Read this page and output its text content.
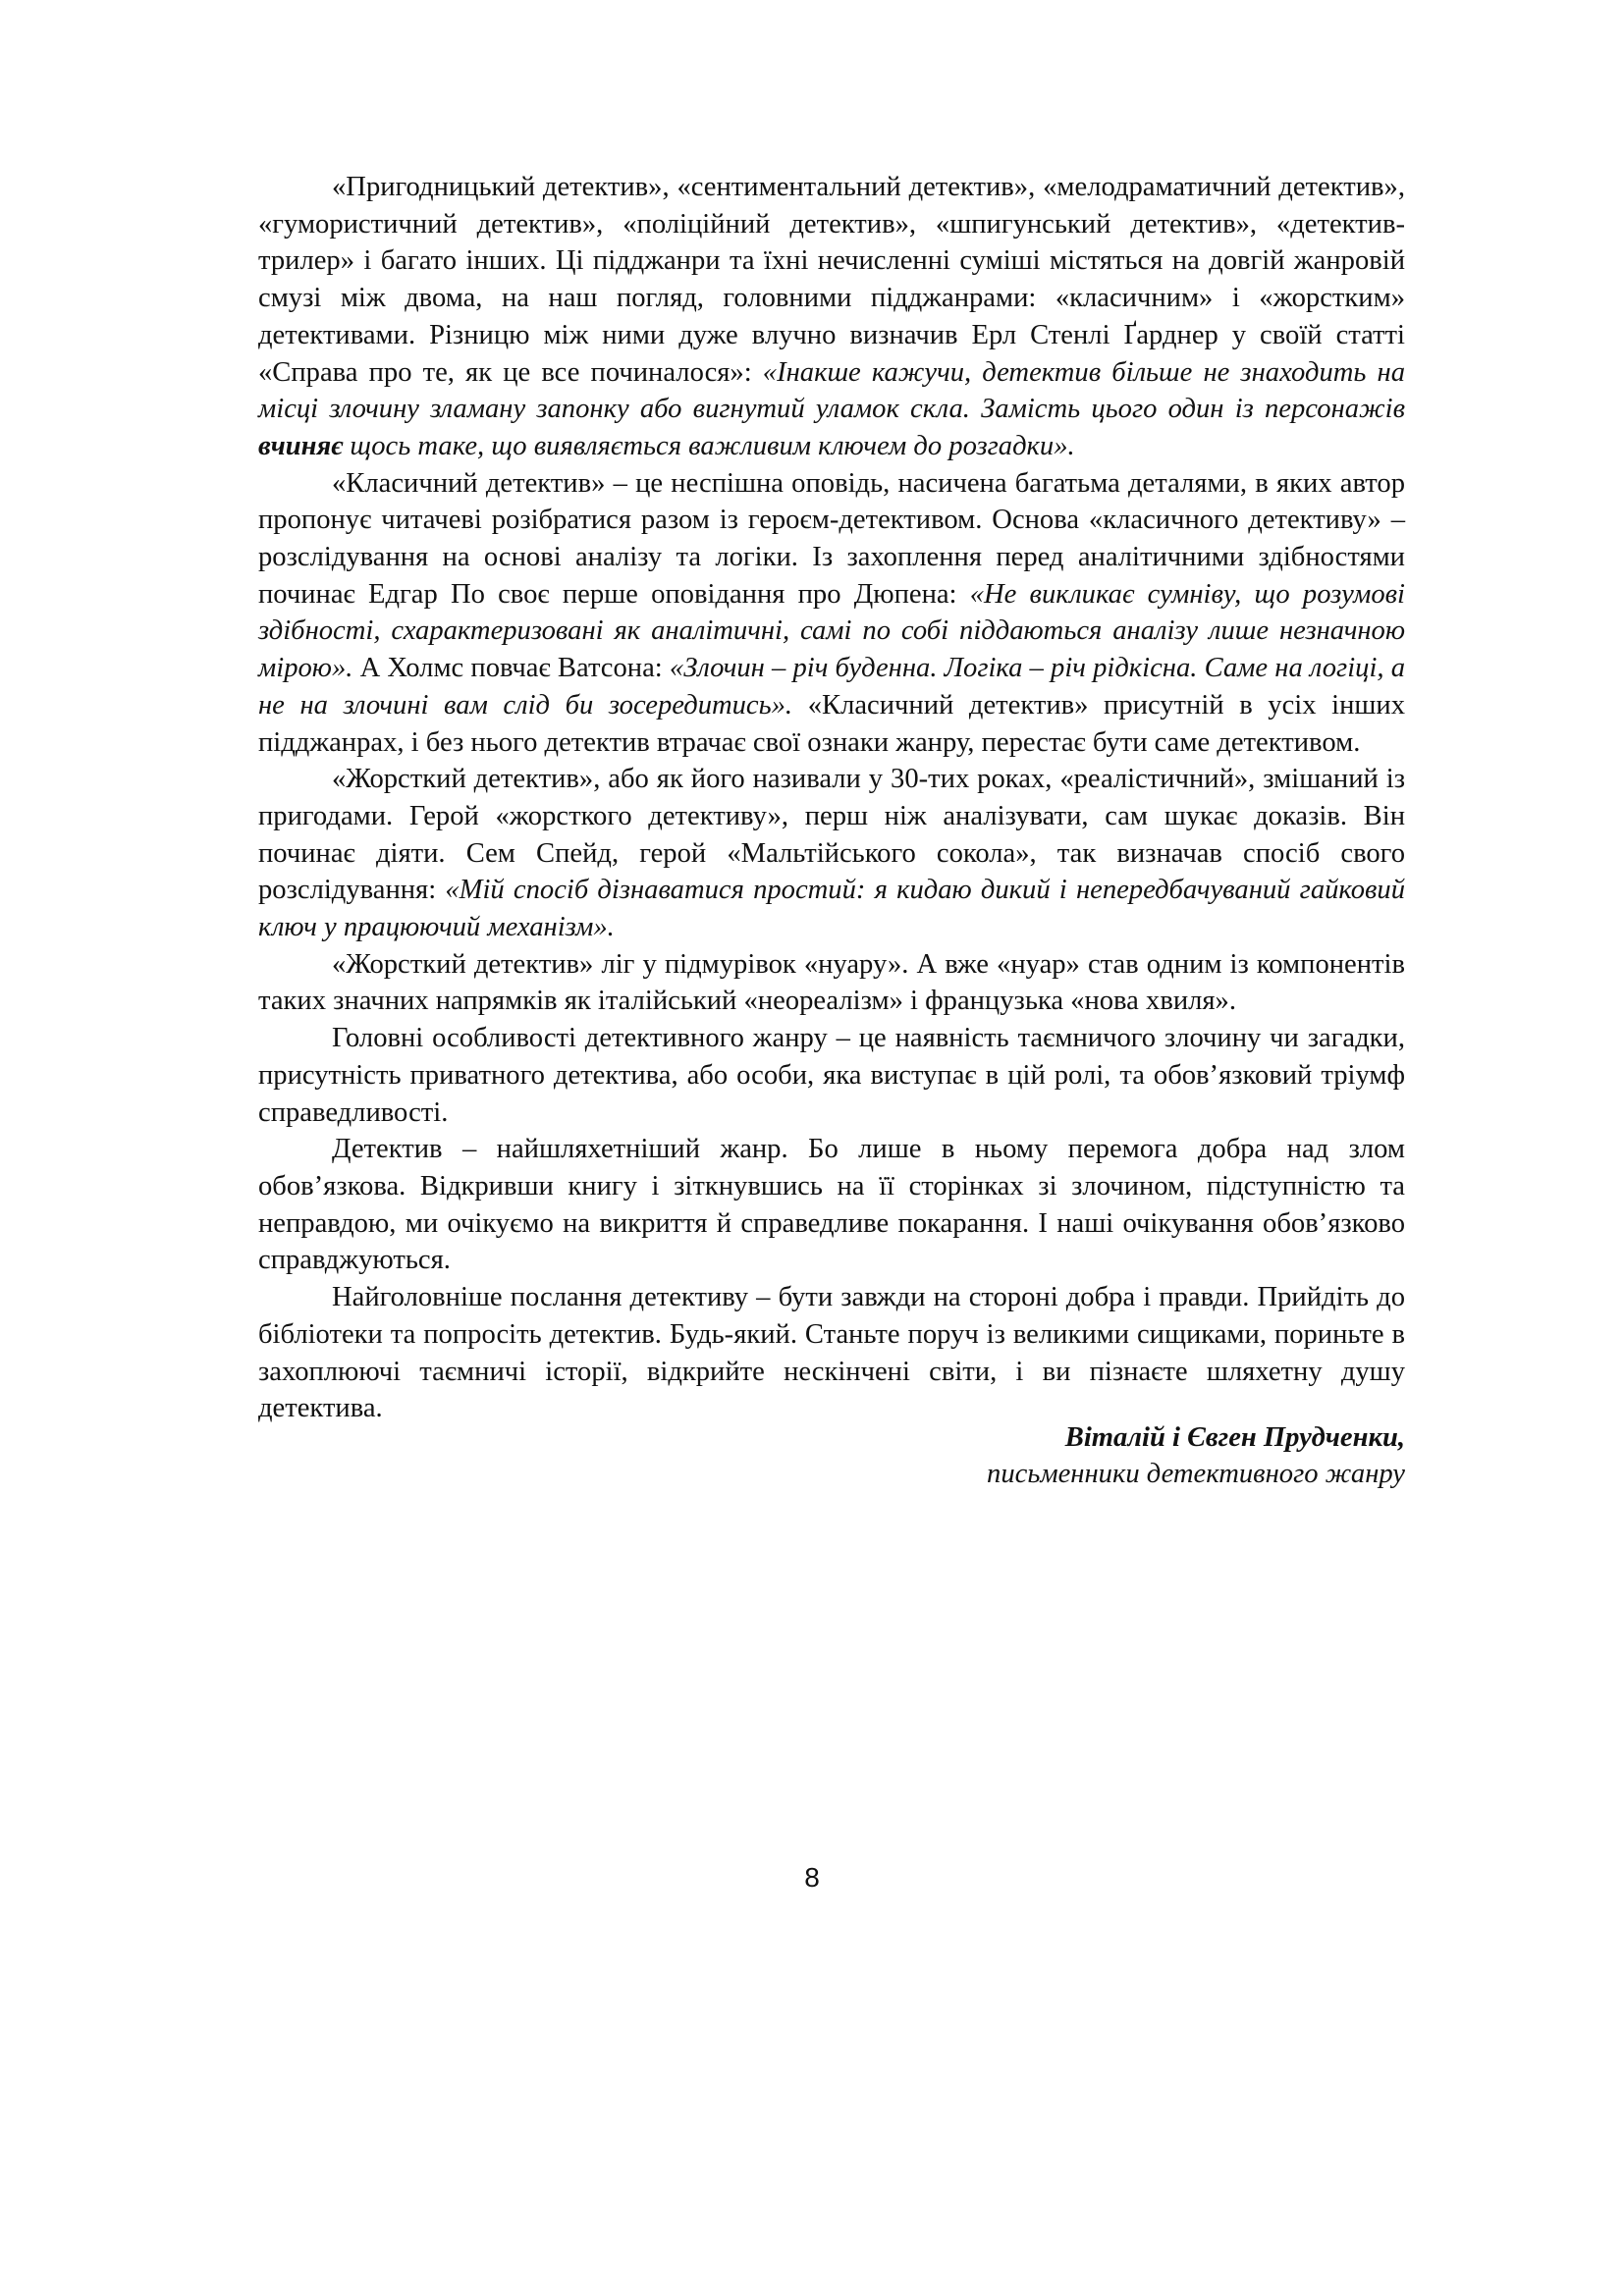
«Пригодницький детектив», «сентиментальний детектив», «мелодраматичний детектив», «гумористичний детектив», «поліційний детектив», «шпигунський детектив», «детектив-трилер» і багато інших. Ці підджанри та їхні нечисленні суміші містяться на довгій жанровій смузі між двома, на наш погляд, головними підджанрами: «класичним» і «жорстким» детективами. Різницю між ними дуже влучно визначив Ерл Стенлі Ґарднер у своїй статті «Справа про те, як це все починалося»: «Інакше кажучи, детектив більше не знаходить на місці злочину зламану запонку або вигнутий уламок скла. Замість цього один із персонажів вчиняє щось таке, що виявляється важливим ключем до розгадки».

«Класичний детектив» – це неспішна оповідь, насичена багатьма деталями, в яких автор пропонує читачеві розібратися разом із героєм-детективом. Основа «класичного детективу» – розслідування на основі аналізу та логіки. Із захоплення перед аналітичними здібностями починає Едгар По своє перше оповідання про Дюпена: «Не викликає сумніву, що розумові здібності, схарактеризовані як аналітичні, самі по собі піддаються аналізу лише незначною мірою». А Холмс повчає Ватсона: «Злочин – річ буденна. Логіка – річ рідкісна. Саме на логіці, а не на злочині вам слід би зосередитись». «Класичний детектив» присутній в усіх інших підджанрах, і без нього детектив втрачає свої ознаки жанру, перестає бути саме детективом.

«Жорсткий детектив», або як його називали у 30-тих роках, «реалістичний», змішаний із пригодами. Герой «жорсткого детективу», перш ніж аналізувати, сам шукає доказів. Він починає діяти. Сем Спейд, герой «Мальтійського сокола», так визначав спосіб свого розслідування: «Мій спосіб дізнаватися простий: я кидаю дикий і непередбачуваний гайковий ключ у працюючий механізм».

«Жорсткий детектив» ліг у підмурівок «нуару». А вже «нуар» став одним із компонентів таких значних напрямків як італійський «неореалізм» і французька «нова хвиля».

Головні особливості детективного жанру – це наявність таємничого злочину чи загадки, присутність приватного детектива, або особи, яка виступає в цій ролі, та обов’язковий тріумф справедливості.

Детектив – найшляхетніший жанр. Бо лише в ньому перемога добра над злом обов’язкова. Відкривши книгу і зіткнувшись на її сторінках зі злочином, підступністю та неправдою, ми очікуємо на викриття й справедливе покарання. І наші очікування обов’язково справджуються.

Найголовніше послання детективу – бути завжди на стороні добра і правди. Прийдіть до бібліотеки та попросіть детектив. Будь-який. Станьте поруч із великими сищиками, пориньте в захоплюючі таємничі історії, відкрийте нескінчені світи, і ви пізнаєте шляхетну душу детектива.

Віталій і Євген Прудченки,
письменники детективного жанру
8
